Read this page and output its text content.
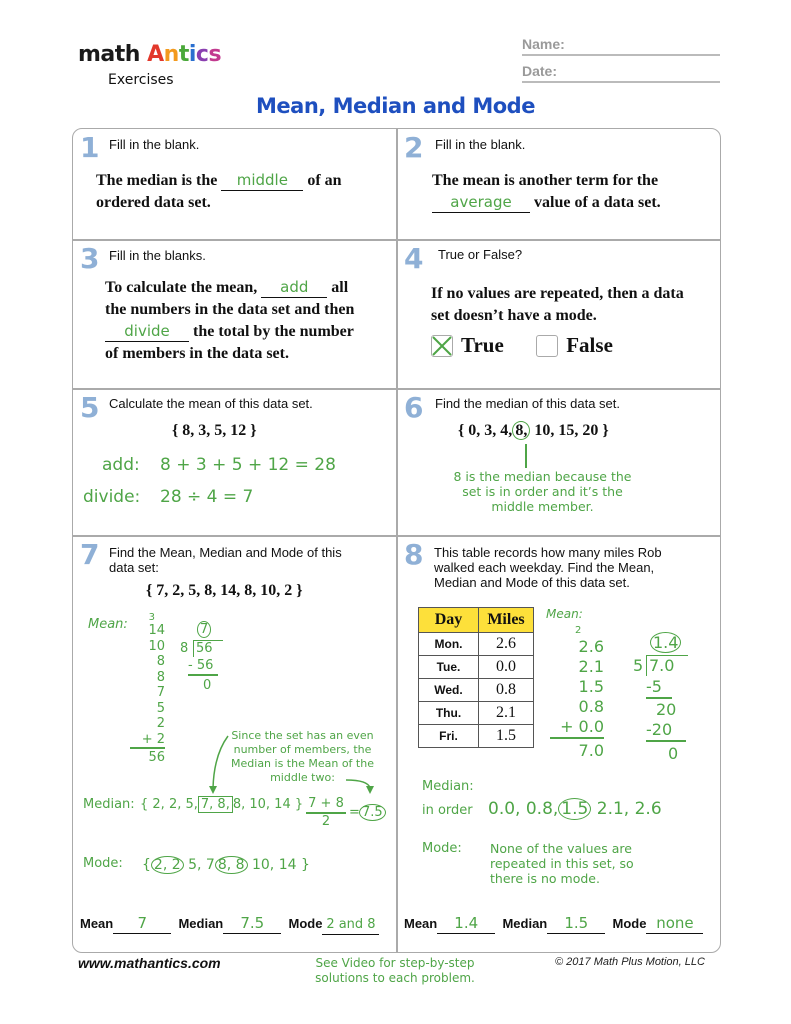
math Antics
Exercises
Name:
Date:
Mean, Median and Mode
1 Fill in the blank.
The median is the middle of an
ordered data set.
2 Fill in the blank.
The mean is another term for the
average value of a data set.
3 Fill in the blanks.
To calculate the mean, add all
the numbers in the data set and then
divide the total by the number
of members in the data set.
4 True or False?
If no values are repeated, then a data
set doesn’t have a mode.
True	False
5 Calculate the mean of this data set.
{ 8, 3, 5, 12 }
add: 8 + 3 + 5 + 12 = 28
divide: 28 ÷ 4 = 7
6 Find the median of this data set.
{ 0, 3, 4, 8, 10, 15, 20 }
8 is the median because the
set is in order and it’s the
middle member.
7 Find the Mean, Median and Mode of this
data set:
{ 7, 2, 5, 8, 14, 8, 10, 2 }
Mean:	3
14
10
8
8
7
5
2
+ 2
56
7
8 56
- 56
0
Since the set has an even
number of members, the
Median is the Mean of the
middle two:
Median: { 2, 2, 5, 7, 8, 8, 10, 14 } $\frac{7 + 8}{2} = 7.5$
Mode: { 2, 2 5, 7 8, 8 10, 14 }
Mean 7 Median 7.5 Mode 2 and 8
8 This table records how many miles Rob
walked each weekday. Find the Mean,
Median and Mode of this data set.
Day	Miles
Mon.	2.6
Tue.	0.0
Wed.	0.8
Thu.	2.1
Fri.	1.5
Mean:
2
2.6
2.1
1.5
0.8
+ 0.0
7.0
1.4
5 7.0
-5
20
-20
0
Median:
in order 0.0, 0.8, 1.5 2.1, 2.6
Mode: None of the values are
repeated in this set, so
there is no mode.
Mean 1.4 Median 1.5 Mode none
www.mathantics.com	See Video for step-by-step
solutions to each problem.
© 2017 Math Plus Motion, LLC
